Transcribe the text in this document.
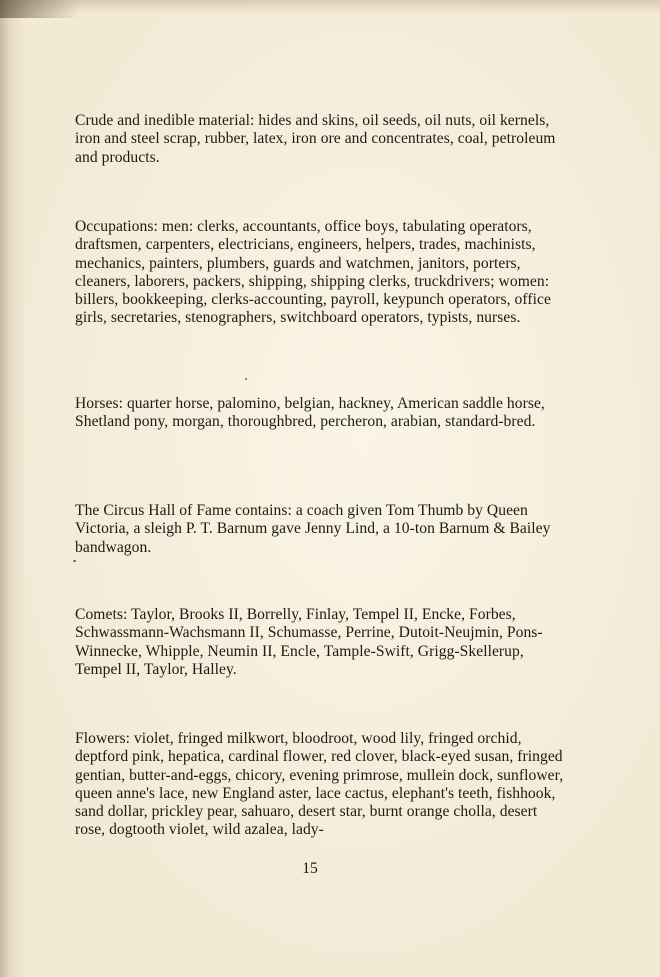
Crude and inedible material: hides and skins, oil seeds, oil nuts, oil kernels, iron and steel scrap, rubber, latex, iron ore and concentrates, coal, petroleum and products.

Occupations: men: clerks, accountants, office boys, tabulating operators, draftsmen, carpenters, electricians, engineers, helpers, trades, machinists, mechanics, painters, plumbers, guards and watchmen, janitors, porters, cleaners, laborers, packers, shipping, shipping clerks, truckdrivers; women: billers, bookkeeping, clerks-accounting, payroll, keypunch operators, office girls, secretaries, stenographers, switchboard operators, typists, nurses.

Horses: quarter horse, palomino, belgian, hackney, American saddle horse, Shetland pony, morgan, thoroughbred, percheron, arabian, standard-bred.

The Circus Hall of Fame contains: a coach given Tom Thumb by Queen Victoria, a sleigh P. T. Barnum gave Jenny Lind, a 10-ton Barnum & Bailey bandwagon.

Comets: Taylor, Brooks II, Borrelly, Finlay, Tempel II, Encke, Forbes, Schwassmann-Wachsmann II, Schumasse, Perrine, Dutoit-Neujmin, Pons-Winnecke, Whipple, Neumin II, Encle, Tample-Swift, Grigg-Skellerup, Tempel II, Taylor, Halley.

Flowers: violet, fringed milkwort, bloodroot, wood lily, fringed orchid, deptford pink, hepatica, cardinal flower, red clover, black-eyed susan, fringed gentian, butter-and-eggs, chicory, evening primrose, mullein dock, sunflower, queen anne's lace, new England aster, lace cactus, elephant's teeth, fishhook, sand dollar, prickley pear, sahuaro, desert star, burnt orange cholla, desert rose, dogtooth violet, wild azalea, lady-

15
